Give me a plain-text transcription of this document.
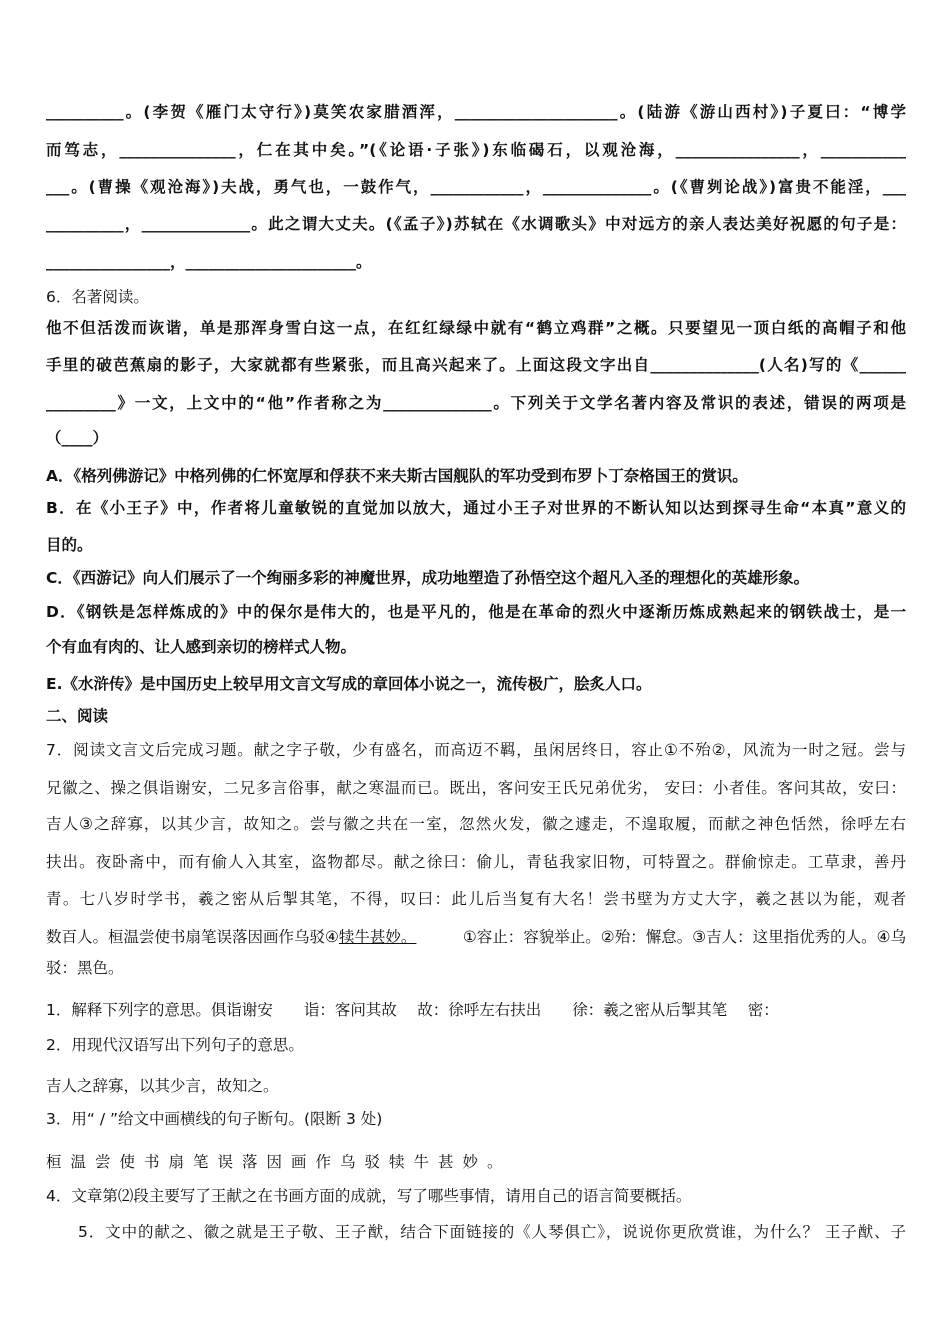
__________。(李贺《雁门太守行》)莫笑农家腊酒浑，_____________________。(陆游《游山西村》)子夏曰：“博学
而笃志，_______________，仁在其中矣。”(《论语·子张》)东临碣石，以观沧海，________________，___________
___。(曹操《观沧海》)夫战，勇气也，一鼓作气，____________，______________。(《曹刿论战》)富贵不能淫，___
__________，______________。此之谓大丈夫。(《孟子》)苏轼在《水调歌头》中对远方的亲人表达美好祝愿的句子是：
________________，______________________。
6．名著阅读。
他不但活泼而诙谐，单是那浑身雪白这一点，在红红绿绿中就有“鹤立鸡群”之概。只要望见一顶白纸的高帽子和他
手里的破芭蕉扇的影子，大家就都有些紧张，而且高兴起来了。上面这段文字出自______________(人名)写的《______
_________》一文，上文中的“他”作者称之为______________。下列关于文学名著内容及常识的表述，错误的两项是
（____）
A．《格列佛游记》中格列佛的仁怀宽厚和俘获不来夫斯古国舰队的军功受到布罗卜丁奈格国王的赏识。
B．在《小王子》中，作者将儿童敏锐的直觉加以放大，通过小王子对世界的不断认知以达到探寻生命“本真”意义的
目的。
C．《西游记》向人们展示了一个绚丽多彩的神魔世界，成功地塑造了孙悟空这个超凡入圣的理想化的英雄形象。
D．《钢铁是怎样炼成的》中的保尔是伟大的，也是平凡的，他是在革命的烈火中逐渐历炼成熟起来的钢铁战士，是一
个有血有肉的、让人感到亲切的榜样式人物。
E.《水浒传》是中国历史上较早用文言文写成的章回体小说之一，流传极广，脍炙人口。
二、阅读
7．阅读文言文后完成习题。献之字子敬，少有盛名，而高迈不羁，虽闲居终日，容止①不殆②，风流为一时之冠。尝与
兄徽之、操之俱诣谢安，二兄多言俗事，献之寒温而已。既出，客问安王氏兄弟优劣， 安曰：小者佳。客问其故，安曰：
吉人③之辞寡，以其少言，故知之。尝与徽之共在一室，忽然火发，徽之遽走，不遑取履，而献之神色恬然，徐呼左右
扶出。夜卧斋中，而有偷人入其室，盗物都尽。献之徐曰：偷儿，青毡我家旧物，可特置之。群偷惊走。工草隶，善丹
青。七八岁时学书，羲之密从后掣其笔，不得，叹曰：此儿后当复有大名！尝书壁为方丈大字，羲之甚以为能，观者
数百人。桓温尝使书扇笔误落因画作乌驳④ 犊牛甚妙。	①容止：容貌举止。②殆：懈怠。③吉人：这里指优秀的人。④乌
驳：黑色。
1．解释下列字的意思。俱诣谢安　　诣：客问其故　 故：徐呼左右扶出　　徐：羲之密从后掣其笔　 密：
2．用现代汉语写出下列句子的意思。
吉人之辞寡，以其少言，故知之。
3．用“ / ”给文中画横线的句子断句。(限断 3 处)
桓温尝使书扇笔误落因画作乌驳犊牛甚妙。
4．文章第⑵段主要写了王献之在书画方面的成就，写了哪些事情，请用自己的语言简要概括。
5．文中的献之、徽之就是王子敬、王子猷，结合下面链接的《人琴俱亡》，说说你更欣赏谁，为什么？ 王子猷、子
